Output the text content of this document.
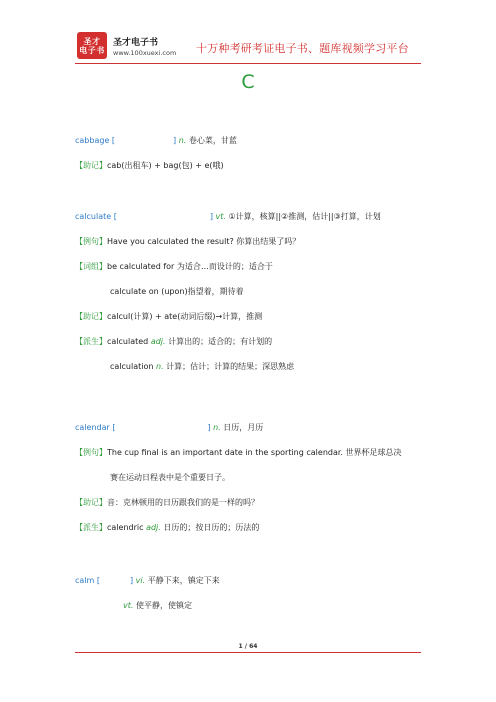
圣才
电子书
圣才电子书
www.100xuexi.com 十万种考研考证电子书、题库视频学习平台
C
cabbage [	] n. 卷心菜，甘蓝
【助记】cab(出租车) + bag(包) + e(哦)
calculate [	] vt. ①计算，核算||②推测，估计||③打算，计划
【例句】Have you calculated the result? 你算出结果了吗？
【词组】be calculated for 为适合…而设计的；适合于
calculate on (upon)指望着，期待着
【助记】calcul(计算) + ate(动词后缀)→计算，推测
【派生】calculated adj. 计算出的；适合的；有计划的
calculation n. 计算；估计；计算的结果；深思熟虑
calendar [	] n. 日历，月历
【例句】The cup final is an important date in the sporting calendar. 世界杯足球总决
赛在运动日程表中是个重要日子。
【助记】音：克林顿用的日历跟我们的是一样的吗？
【派生】calendric adj. 日历的；按日历的；历法的
calm [	] vi. 平静下来，镇定下来
vt. 使平静，使镇定
1 / 64
